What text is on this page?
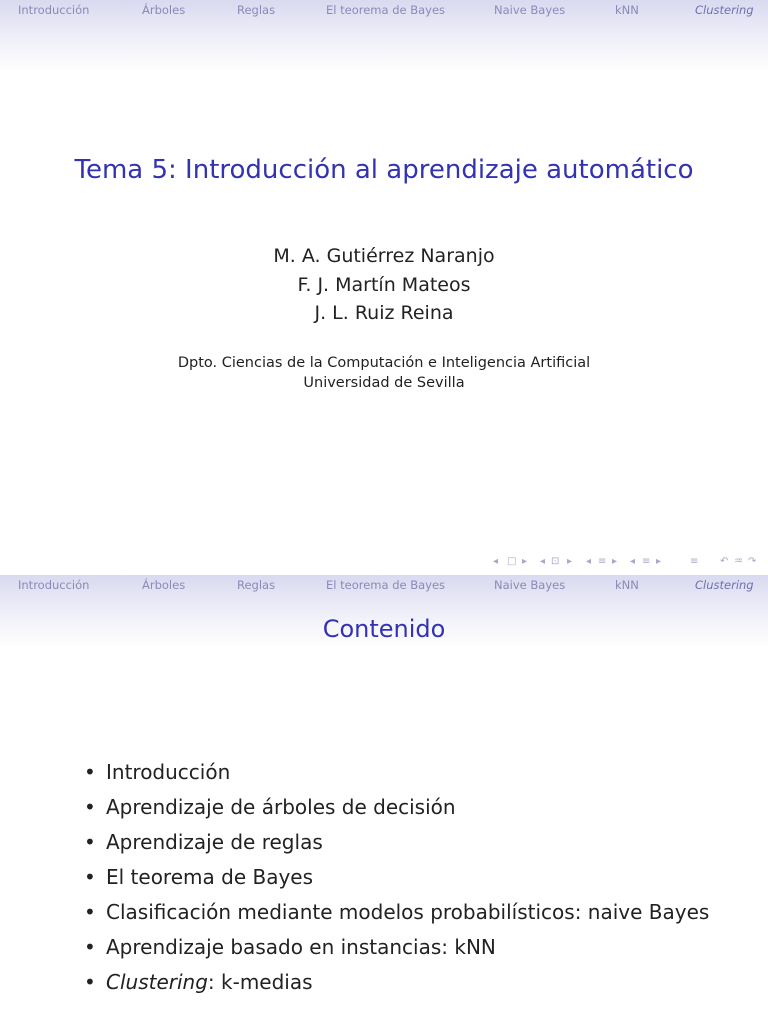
Introducción	Árboles	Reglas	El teorema de Bayes	Naive Bayes	kNN	Clustering
Tema 5: Introducción al aprendizaje automático
M. A. Gutiérrez Naranjo
F. J. Martín Mateos
J. L. Ruiz Reina
Dpto. Ciencias de la Computación e Inteligencia Artificial
Universidad de Sevilla
◂ □ ▸ ◂ ⊡ ▸ ◂ ≡ ▸ ◂ ≡ ▸	≡ ↶ ♒ ↷
Introducción	Árboles	Reglas	El teorema de Bayes	Naive Bayes	kNN	Clustering
Contenido
• Introducción
• Aprendizaje de árboles de decisión
• Aprendizaje de reglas
• El teorema de Bayes
• Clasificación mediante modelos probabilísticos: naive Bayes
• Aprendizaje basado en instancias: kNN
• Clustering: k-medias
